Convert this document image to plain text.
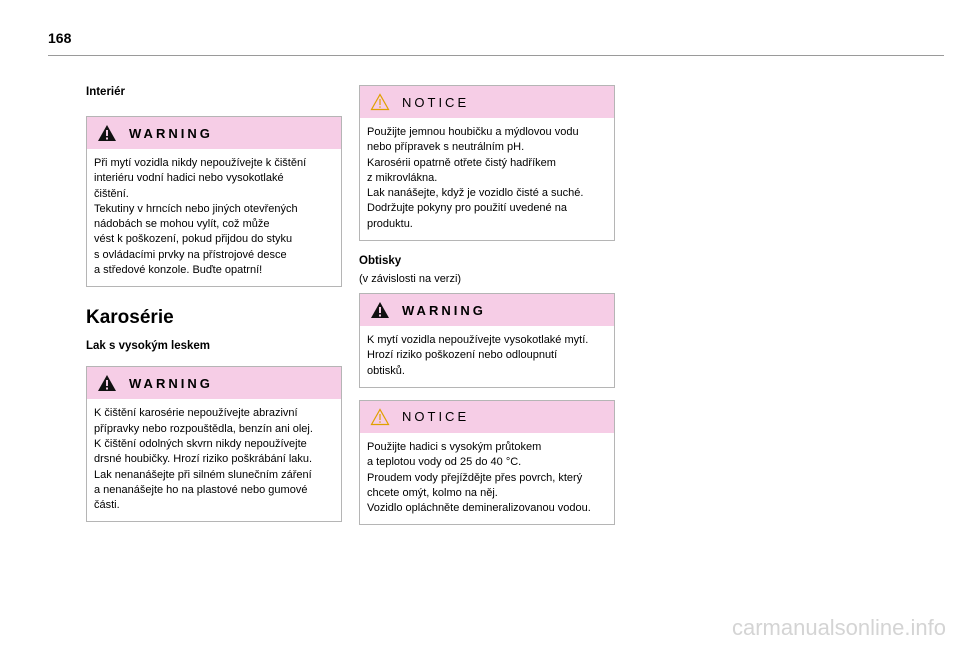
168
Interiér
WARNING

Při mytí vozidla nikdy nepoužívejte k čištění

interiéru vodní hadici nebo vysokotlaké

čištění.

Tekutiny v hrncích nebo jiných otevřených

nádobách se mohou vylít, což může

vést k poškození, pokud přijdou do styku

s ovládacími prvky na přístrojové desce

a středové konzole. Buďte opatrní!

Karosérie
Lak s vysokým leskem
WARNING

K čištění karosérie nepoužívejte abrazivní

přípravky nebo rozpouštědla, benzín ani olej.

K čištění odolných skvrn nikdy nepoužívejte

drsné houbičky. Hrozí riziko poškrábání laku.

Lak nenanášejte při silném slunečním záření

a nenanášejte ho na plastové nebo gumové

části.

NOTICE

Použijte jemnou houbičku a mýdlovou vodu

nebo přípravek s neutrálním pH.

Karosérii opatrně otřete čistý hadříkem

z mikrovlákna.

Lak nanášejte, když je vozidlo čisté a suché.

Dodržujte pokyny pro použití uvedené na

produktu.

Obtisky

(v závislosti na verzi)

WARNING

K mytí vozidla nepoužívejte vysokotlaké mytí.

Hrozí riziko poškození nebo odloupnutí

obtisků.

NOTICE

Použijte hadici s vysokým průtokem

a teplotou vody od 25 do 40 °C.

Proudem vody přejíždějte přes povrch, který

chcete omýt, kolmo na něj.

Vozidlo opláchněte demineralizovanou vodou.

carmanualsonline.info
